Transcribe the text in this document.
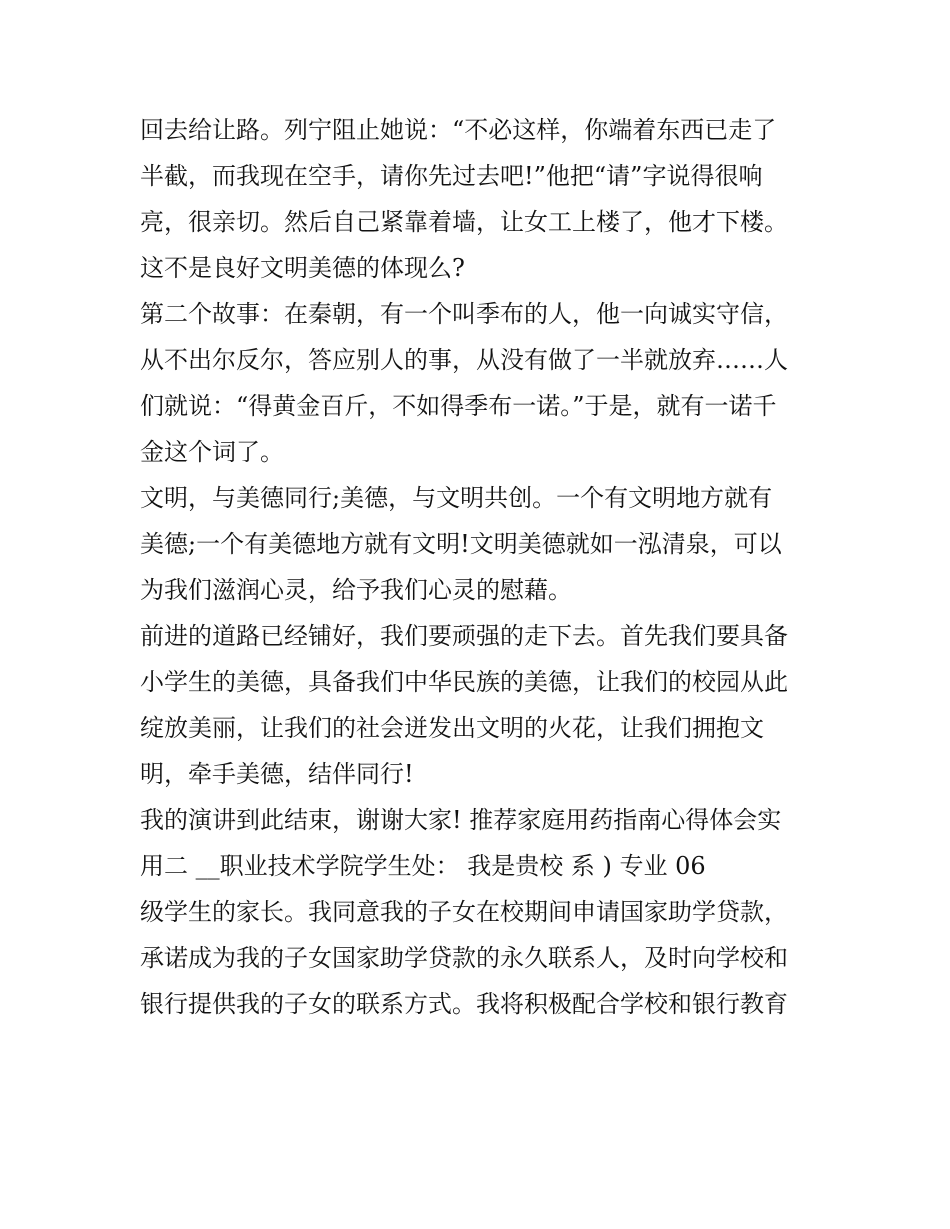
回去给让路。列宁阻止她说：“不必这样，你端着东西已走了
半截，而我现在空手，请你先过去吧!”他把“请”字说得很响
亮，很亲切。然后自己紧靠着墙，让女工上楼了，他才下楼。
这不是良好文明美德的体现么?
第二个故事：在秦朝，有一个叫季布的人，他一向诚实守信，
从不出尔反尔，答应别人的事，从没有做了一半就放弃……人
们就说：“得黄金百斤，不如得季布一诺。”于是，就有一诺千
金这个词了。
文明，与美德同行;美德，与文明共创。一个有文明地方就有
美德;一个有美德地方就有文明!文明美德就如一泓清泉，可以
为我们滋润心灵，给予我们心灵的慰藉。
前进的道路已经铺好，我们要顽强的走下去。首先我们要具备
小学生的美德，具备我们中华民族的美德，让我们的校园从此
绽放美丽，让我们的社会迸发出文明的火花，让我们拥抱文
明，牵手美德，结伴同行!
我的演讲到此结束，谢谢大家! 推荐家庭用药指南心得体会实
用二 __职业技术学院学生处： 我是贵校 系 ) 专业 06
级学生的家长。我同意我的子女在校期间申请国家助学贷款，
承诺成为我的子女国家助学贷款的永久联系人，及时向学校和
银行提供我的子女的联系方式。我将积极配合学校和银行教育
